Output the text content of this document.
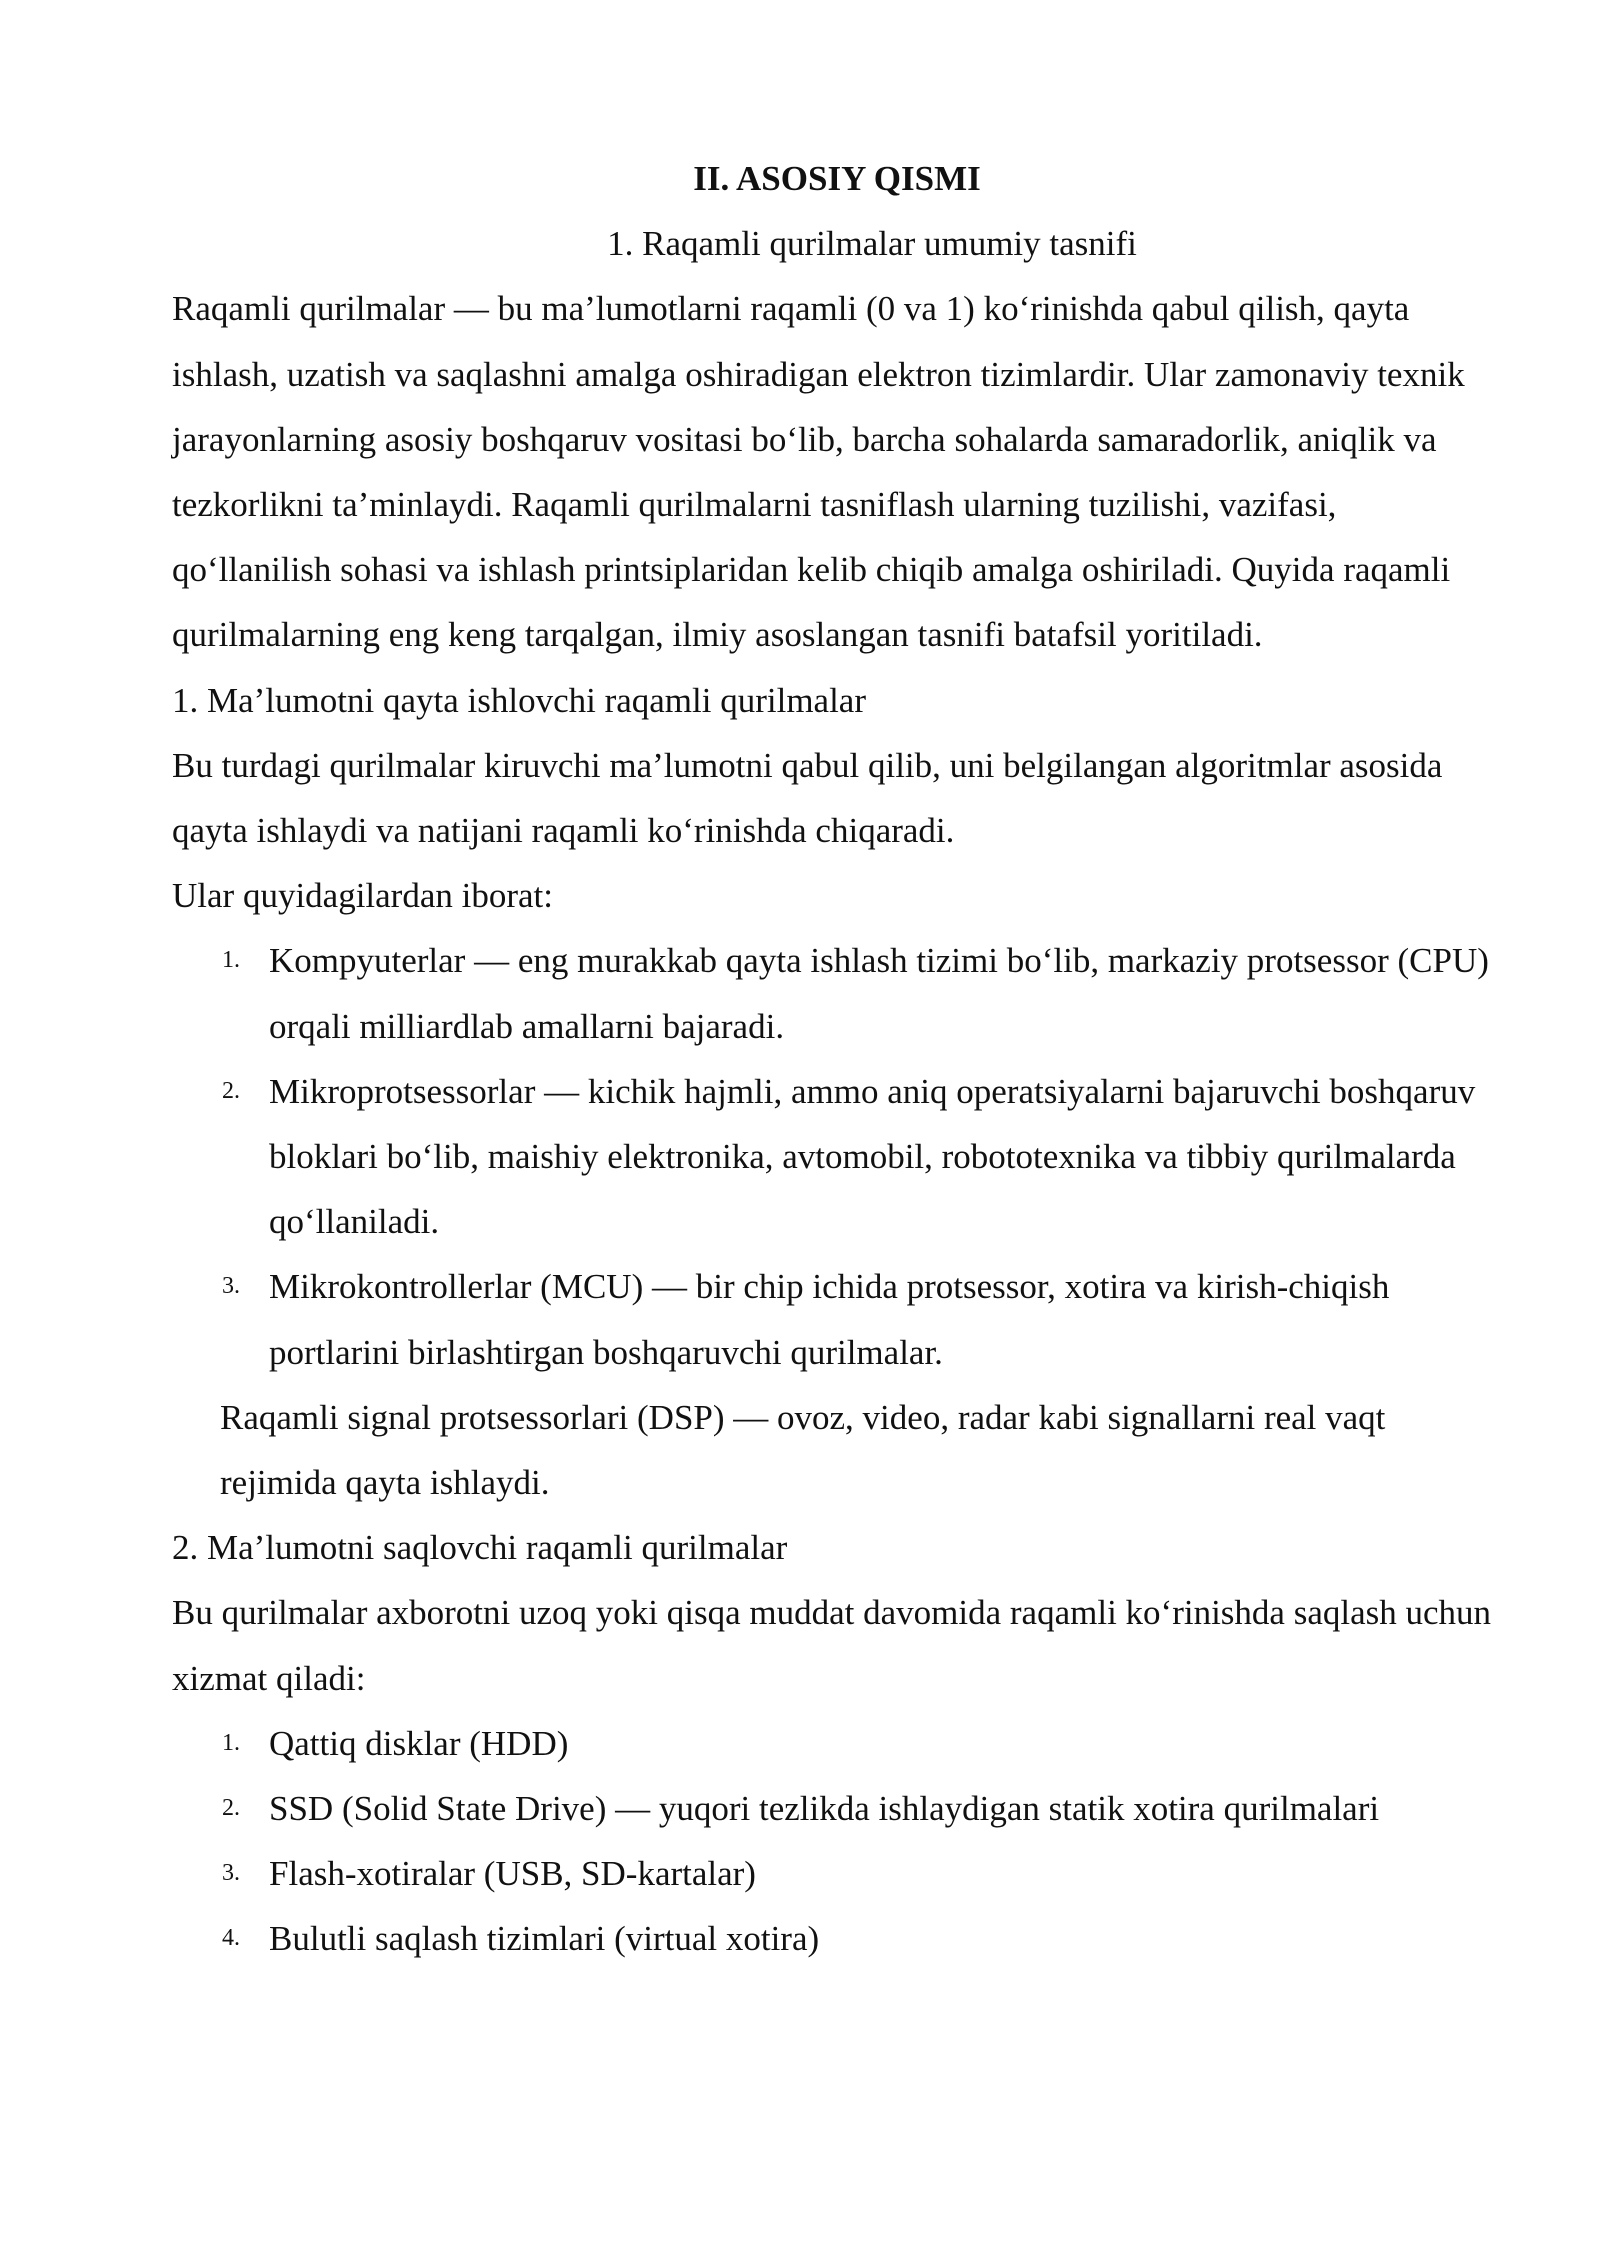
II. ASOSIY QISMI
1. Raqamli qurilmalar umumiy tasnifi

Raqamli qurilmalar — bu ma’lumotlarni raqamli (0 va 1) ko‘rinishda qabul qilish, qayta ishlash, uzatish va saqlashni amalga oshiradigan elektron tizimlardir. Ular zamonaviy texnik jarayonlarning asosiy boshqaruv vositasi bo‘lib, barcha sohalarda samaradorlik, aniqlik va tezkorlikni ta’minlaydi. Raqamli qurilmalarni tasniflash ularning tuzilishi, vazifasi, qo‘llanilish sohasi va ishlash printsiplaridan kelib chiqib amalga oshiriladi. Quyida raqamli qurilmalarning eng keng tarqalgan, ilmiy asoslangan tasnifi batafsil yoritiladi.

1. Ma’lumotni qayta ishlovchi raqamli qurilmalar

Bu turdagi qurilmalar kiruvchi ma’lumotni qabul qilib, uni belgilangan algoritmlar asosida qayta ishlaydi va natijani raqamli ko‘rinishda chiqaradi.

Ular quyidagilardan iborat:

1. Kompyuterlar — eng murakkab qayta ishlash tizimi bo‘lib, markaziy protsessor (CPU) orqali milliardlab amallarni bajaradi.
2. Mikroprotsessorlar — kichik hajmli, ammo aniq operatsiyalarni bajaruvchi boshqaruv bloklari bo‘lib, maishiy elektronika, avtomobil, robototexnika va tibbiy qurilmalarda qo‘llaniladi.
3. Mikrokontrollerlar (MCU) — bir chip ichida protsessor, xotira va kirish-chiqish portlarini birlashtirgan boshqaruvchi qurilmalar.

Raqamli signal protsessorlari (DSP) — ovoz, video, radar kabi signallarni real vaqt rejimida qayta ishlaydi.

2. Ma’lumotni saqlovchi raqamli qurilmalar

Bu qurilmalar axborotni uzoq yoki qisqa muddat davomida raqamli ko‘rinishda saqlash uchun xizmat qiladi:

1. Qattiq disklar (HDD)
2. SSD (Solid State Drive) — yuqori tezlikda ishlaydigan statik xotira qurilmalari
3. Flash-xotiralar (USB, SD-kartalar)
4. Bulutli saqlash tizimlari (virtual xotira)
